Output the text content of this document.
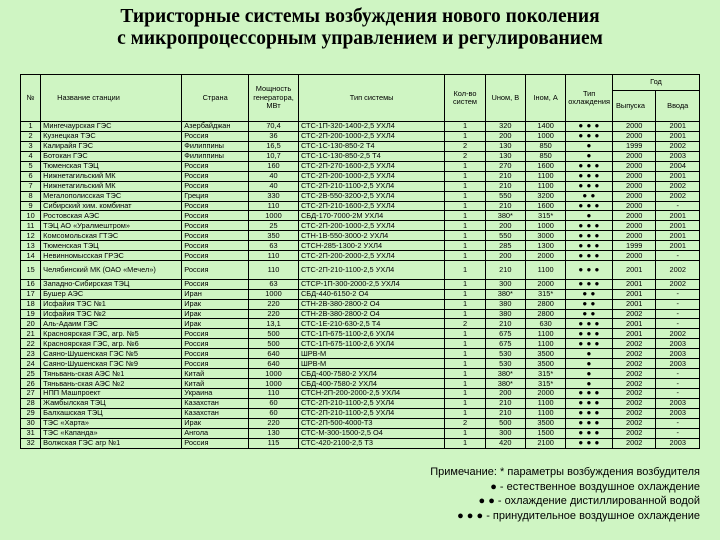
Тиристорные системы возбуждения нового поколения
с микропроцессорным управлением и регулированием
№	Название станции	Страна	Мощность генератора, МВт	Тип системы	Кол-во систем	Uном, В	Iном, А	Тип охлаждения	Год	
									Выпуска	Ввода
1	Мингечаурская ГЭС	Азербайджан	70,4	СТС-1П-320-1400-2,5 УХЛ4	1	320	1400	● ● ●	2000	2001
2	Кузнецкая ТЭС	Россия	36	СТС-2П-200-1000-2,5 УХЛ4	1	200	1000	● ● ●	2000	2001
3	Калирайя ГЭС	Филиппины	16,5	СТС-1С-130-850-2 Т4	2	130	850	●	1999	2002
4	Ботокан ГЭС	Филиппины	10,7	СТС-1С-130-850-2,5 Т4	2	130	850	●	2000	2003
5	Тюменская ТЭЦ	Россия	160	СТС-2П-270-1600-2,5 УХЛ4	1	270	1600	● ● ●	2000	2004
6	Нижнетагильский МК	Россия	40	СТС-2П-200-1000-2,5 УХЛ4	1	210	1100	● ● ●	2000	2001
7	Нижнетагильский МК	Россия	40	СТС-2П-210-1100-2,5 УХЛ4	1	210	1100	● ● ●	2000	2002
8	Мегалополисская ТЭС	Греция	330	СТС-2В-550-3200-2,5 УХЛ4	1	550	3200	● ●	2000	2002
9	Сибирский хим. комбинат	Россия	110	СТС-2П-210-1600-2,5 УХЛ4	1	210	1600	● ● ●	2000	-
10	Ростовская АЭС	Россия	1000	СБД-170-7000-2М УХЛ4	1	380*	315*	●	2000	2001
11	ТЭЦ АО «Уралмештром»	Россия	25	СТС-2П-200-1000-2,5 УХЛ4	1	200	1000	● ● ●	2000	2001
12	Комсомольская ГТЭС	Россия	350	СТН-1В-550-3000-2 УХЛ4	1	550	3000	● ● ●	2000	2001
13	Тюменская ТЭЦ	Россия	63	СТСН-285-1300-2 УХЛ4	1	285	1300	● ● ●	1999	2001
14	Невинномысская ГРЭС	Россия	110	СТС-2П-200-2000-2,5 УХЛ4	1	200	2000	● ● ●	2000	-
15	Челябинский МК (ОАО «Мечел»)	Россия	110	СТС-2П-210-1100-2,5 УХЛ4	1	210	1100	● ● ●	2001	2002
16	Западно-Сибирская ТЭЦ	Россия	63	СТСР-1П-300-2000-2,5 УХЛ4	1	300	2000	● ● ●	2001	2002
17	Бушер АЭС	Иран	1000	СБД-440-6150-2 О4	1	380*	315*	● ●	2001	-
18	Исфайия ТЭС №1	Ирак	220	СТН-2В-380-2800-2 О4	1	380	2800	● ●	2001	-
19	Исфайия ТЭС №2	Ирак	220	СТН-2В-380-2800-2 О4	1	380	2800	● ●	2002	-
20	Аль-Адаим ГЭС	Ирак	13,1	СТС-1Е-210-630-2,5 Т4	2	210	630	● ● ●	2001	-
21	Красноярская ГЭС, агр. №5	Россия	500	СТС-1П-675-1100-2,6 УХЛ4	1	675	1100	● ● ●	2001	2002
22	Красноярская ГЭС, агр. №6	Россия	500	СТС-1П-675-1100-2,6 УХЛ4	1	675	1100	● ● ●	2002	2003
23	Саяно-Шушенская ГЭС №5	Россия	640	ШРВ-М	1	530	3500	●	2002	2003
24	Саяно-Шушенская ГЭС №9	Россия	640	ШРВ-М	1	530	3500	●	2002	2003
25	Тяньвань-ская АЭС №1	Китай	1000	СБД-400-7580-2 УХЛ4	1	380*	315*	●	2002	-
26	Тяньвань-ская АЭС №2	Китай	1000	СБД-400-7580-2 УХЛ4	1	380*	315*	●	2002	-
27	НПП Машпроект	Украина	110	СТСН-2П-200-2000-2,5 УХЛ4	1	200	2000	● ● ●	2002	-
28	Жамбылская ТЭЦ	Казахстан	60	СТС-2П-210-1100-2,5 УХЛ4	1	210	1100	● ● ●	2002	2003
29	Балхашская ТЭЦ	Казахстан	60	СТС-2П-210-1100-2,5 УХЛ4	1	210	1100	● ● ●	2002	2003
30	ТЭС «Харта»	Ирак	220	СТС-2П-500-4000-Т3	2	500	3500	● ● ●	2002	-
31	ТЭС «Капанда»	Ангола	130	СТС-М-300-1500-2,5 О4	1	300	1500	● ● ●	2002	-
32	Волжская ГЭС агр №1	Россия	115	СТС-420-2100-2,5 Т3	1	420	2100	● ● ●	2002	2003
Примечание: * параметры возбуждения возбудителя
● - естественное воздушное охлаждение
● ● - охлаждение дистиллированной водой
● ● ● - принудительное воздушное охлаждение
